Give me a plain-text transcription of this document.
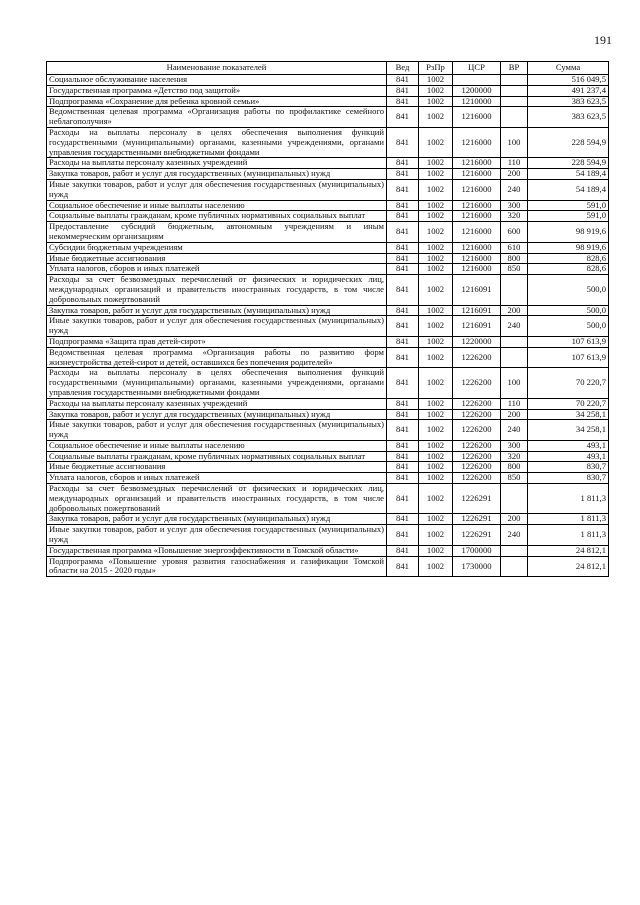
191
Наименование показателей	Вед	РзПр	ЦСР	ВР	Сумма
Социальное обслуживание населения	841	1002			516 049,5
Государственная программа «Детство под защитой»	841	1002	1200000		491 237,4
Подпрограмма «Сохранение для ребенка кровной семьи»	841	1002	1210000		383 623,5
Ведомственная целевая программа «Организация работы по профилактике семейного неблагополучия»	841	1002	1216000		383 623,5
Расходы на выплаты персоналу в целях обеспечения выполнения функций государственными (муниципальными) органами, казенными учреждениями, органами управления государственными внебюджетными фондами	841	1002	1216000	100	228 594,9
Расходы на выплаты персоналу казенных учреждений	841	1002	1216000	110	228 594,9
Закупка товаров, работ и услуг для государственных (муниципальных) нужд	841	1002	1216000	200	54 189,4
Иные закупки товаров, работ и услуг для обеспечения государственных (муниципальных) нужд	841	1002	1216000	240	54 189,4
Социальное обеспечение и иные выплаты населению	841	1002	1216000	300	591,0
Социальные выплаты гражданам, кроме публичных нормативных социальных выплат	841	1002	1216000	320	591,0
Предоставление субсидий бюджетным, автономным учреждениям и иным некоммерческим организациям	841	1002	1216000	600	98 919,6
Субсидии бюджетным учреждениям	841	1002	1216000	610	98 919,6
Иные бюджетные ассигнования	841	1002	1216000	800	828,6
Уплата налогов, сборов и иных платежей	841	1002	1216000	850	828,6
Расходы за счет безвозмездных перечислений от физических и юридических лиц, международных организаций и правительств иностранных государств, в том числе добровольных пожертвований	841	1002	1216091		500,0
Закупка товаров, работ и услуг для государственных (муниципальных) нужд	841	1002	1216091	200	500,0
Иные закупки товаров, работ и услуг для обеспечения государственных (муниципальных) нужд	841	1002	1216091	240	500,0
Подпрограмма «Защита прав детей-сирот»	841	1002	1220000		107 613,9
Ведомственная целевая программа «Организация работы по развитию форм жизнеустройства детей-сирот и детей, оставшихся без попечения родителей»	841	1002	1226200		107 613,9
Расходы на выплаты персоналу в целях обеспечения выполнения функций государственными (муниципальными) органами, казенными учреждениями, органами управления государственными внебюджетными фондами	841	1002	1226200	100	70 220,7
Расходы на выплаты персоналу казенных учреждений	841	1002	1226200	110	70 220,7
Закупка товаров, работ и услуг для государственных (муниципальных) нужд	841	1002	1226200	200	34 258,1
Иные закупки товаров, работ и услуг для обеспечения государственных (муниципальных) нужд	841	1002	1226200	240	34 258,1
Социальное обеспечение и иные выплаты населению	841	1002	1226200	300	493,1
Социальные выплаты гражданам, кроме публичных нормативных социальных выплат	841	1002	1226200	320	493,1
Иные бюджетные ассигнования	841	1002	1226200	800	830,7
Уплата налогов, сборов и иных платежей	841	1002	1226200	850	830,7
Расходы за счет безвозмездных перечислений от физических и юридических лиц, международных организаций и правительств иностранных государств, в том числе добровольных пожертвований	841	1002	1226291		1 811,3
Закупка товаров, работ и услуг для государственных (муниципальных) нужд	841	1002	1226291	200	1 811,3
Иные закупки товаров, работ и услуг для обеспечения государственных (муниципальных) нужд	841	1002	1226291	240	1 811,3
Государственная программа «Повышение энергоэффективности в Томской области»	841	1002	1700000		24 812,1
Подпрограмма «Повышение уровня развития газоснабжения и газификации Томской области на 2015 - 2020 годы»	841	1002	1730000		24 812,1
